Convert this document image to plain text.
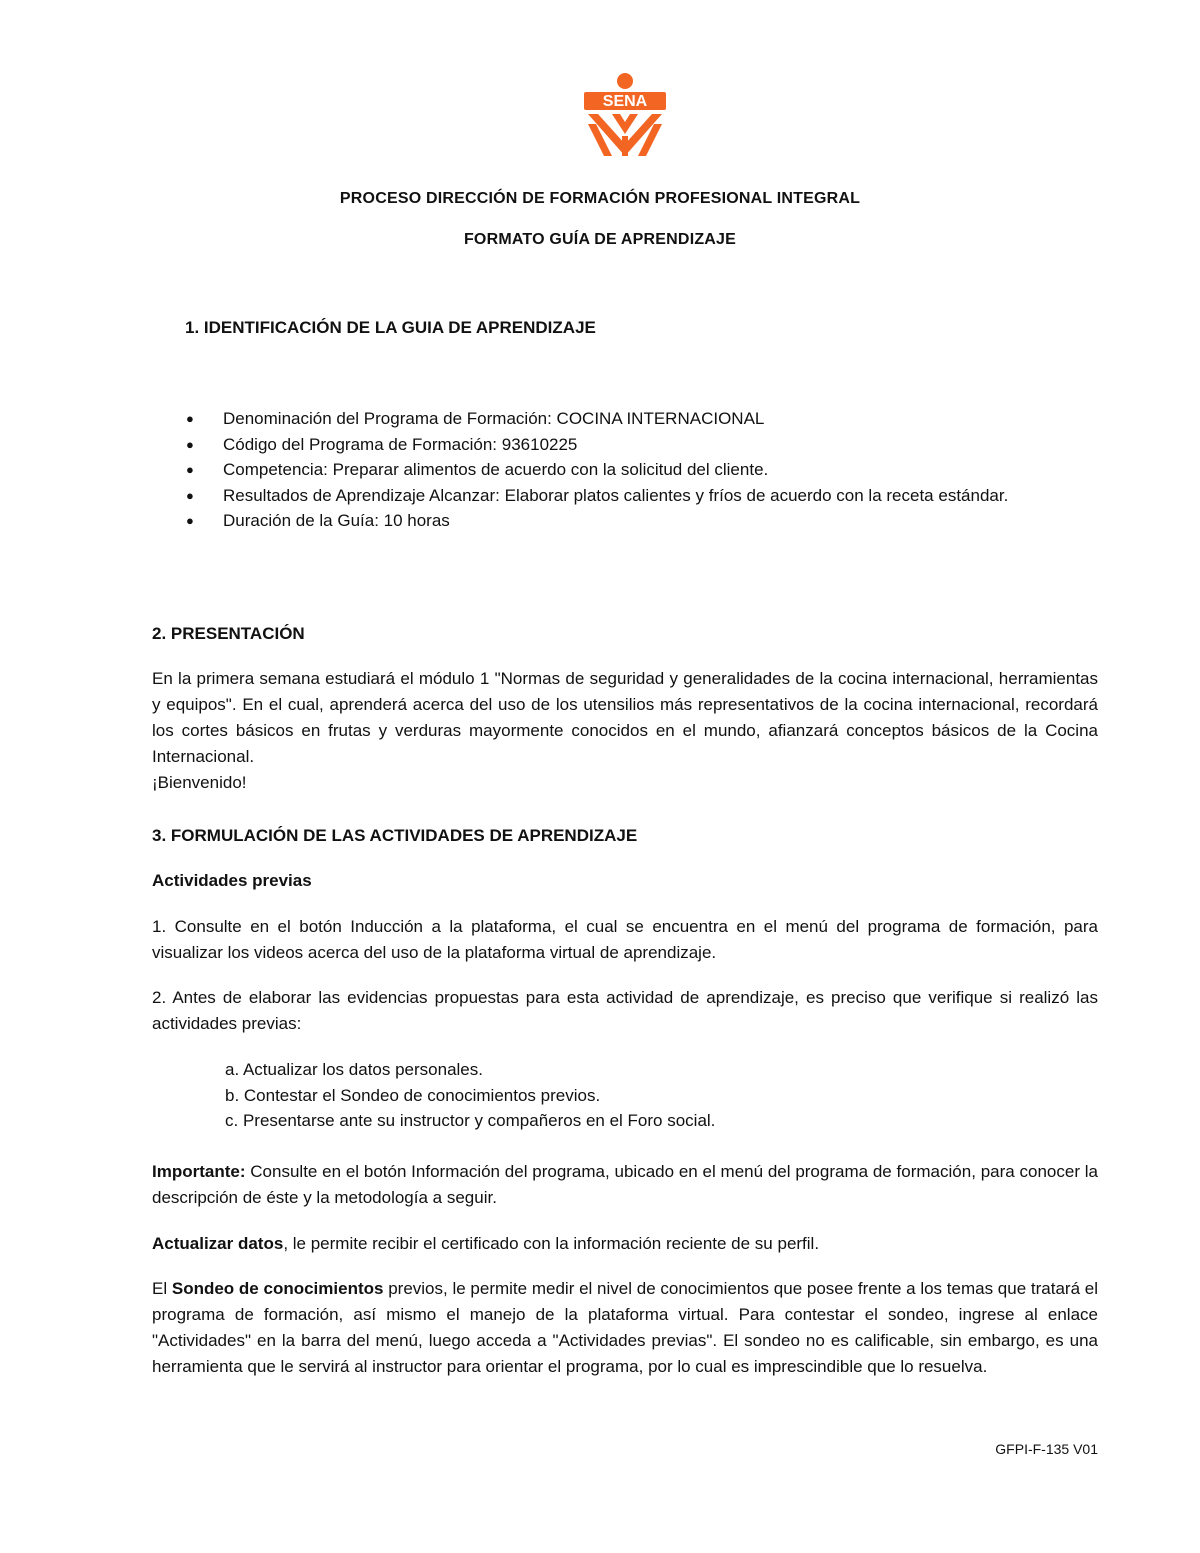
SENA
PROCESO DIRECCIÓN DE FORMACIÓN PROFESIONAL INTEGRAL
FORMATO GUÍA DE APRENDIZAJE
1. IDENTIFICACIÓN DE LA GUIA DE APRENDIZAJE
● Denominación del Programa de Formación: COCINA INTERNACIONAL
● Código del Programa de Formación: 93610225
● Competencia: Preparar alimentos de acuerdo con la solicitud del cliente.
● Resultados de Aprendizaje Alcanzar: Elaborar platos calientes y fríos de acuerdo con la receta estándar.
● Duración de la Guía: 10 horas
2. PRESENTACIÓN

En la primera semana estudiará el módulo 1 "Normas de seguridad y generalidades de la cocina internacional, herramientas y equipos". En el cual, aprenderá acerca del uso de los utensilios más representativos de la cocina internacional, recordará los cortes básicos en frutas y verduras mayormente conocidos en el mundo, afianzará conceptos básicos de la Cocina Internacional.

¡Bienvenido!

3. FORMULACIÓN DE LAS ACTIVIDADES DE APRENDIZAJE
Actividades previas

1. Consulte en el botón Inducción a la plataforma, el cual se encuentra en el menú del programa de formación, para visualizar los videos acerca del uso de la plataforma virtual de aprendizaje.

2. Antes de elaborar las evidencias propuestas para esta actividad de aprendizaje, es preciso que verifique si realizó las actividades previas:

a. Actualizar los datos personales.
b. Contestar el Sondeo de conocimientos previos.
c. Presentarse ante su instructor y compañeros en el Foro social.

Importante: Consulte en el botón Información del programa, ubicado en el menú del programa de formación, para conocer la descripción de éste y la metodología a seguir.

Actualizar datos, le permite recibir el certificado con la información reciente de su perfil.

El Sondeo de conocimientos previos, le permite medir el nivel de conocimientos que posee frente a los temas que tratará el programa de formación, así mismo el manejo de la plataforma virtual. Para contestar el sondeo, ingrese al enlace "Actividades" en la barra del menú, luego acceda a "Actividades previas". El sondeo no es calificable, sin embargo, es una herramienta que le servirá al instructor para orientar el programa, por lo cual es imprescindible que lo resuelva.

GFPI-F-135 V01
